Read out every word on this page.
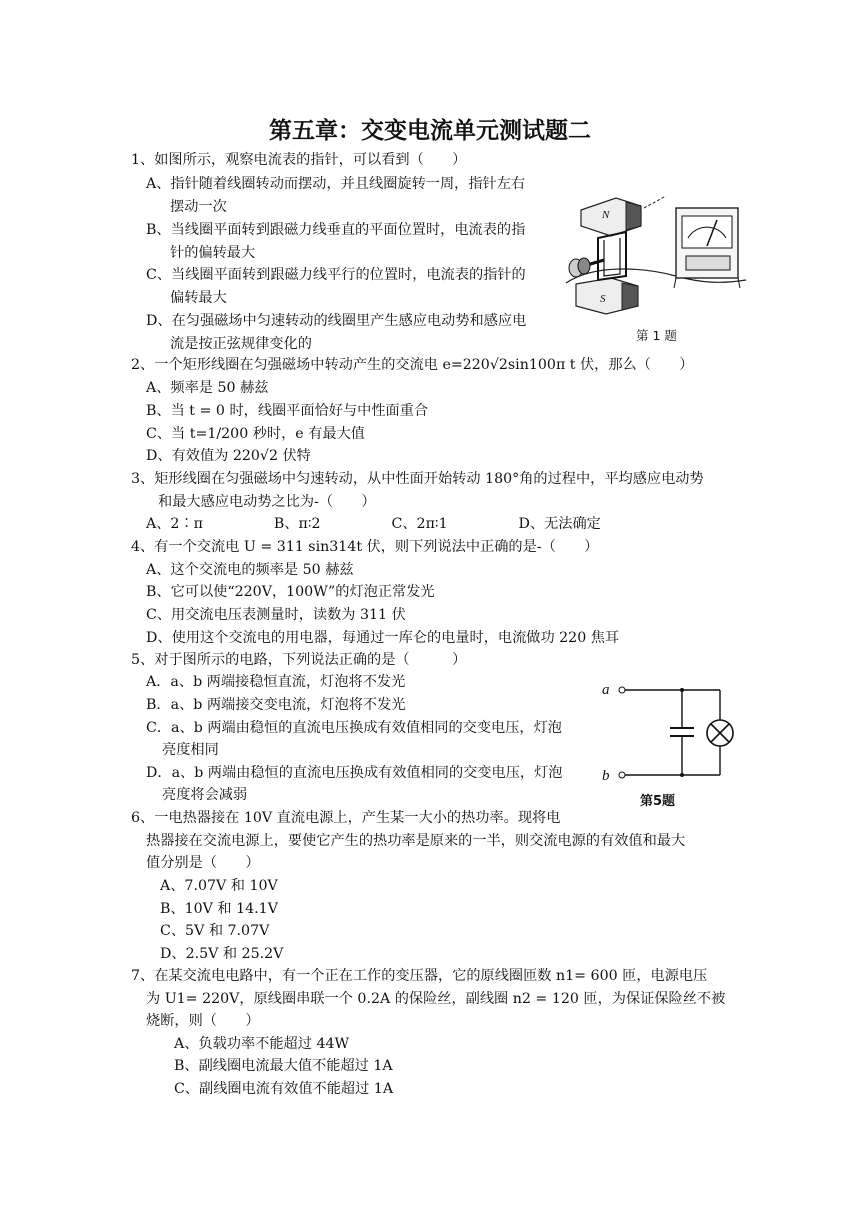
第五章：交变电流单元测试题二
1、如图所示，观察电流表的指针，可以看到（　　）
A、指针随着线圈转动而摆动，并且线圈旋转一周，指针左右
摆动一次
B、当线圈平面转到跟磁力线垂直的平面位置时，电流表的指
针的偏转最大
C、当线圈平面转到跟磁力线平行的位置时，电流表的指针的
偏转最大
D、在匀强磁场中匀速转动的线圈里产生感应电动势和感应电
流是按正弦规律变化的
2、一个矩形线圈在匀强磁场中转动产生的交流电 e=220√2sin100π t 伏，那么（　　）
A、频率是 50 赫兹
B、当 t = 0 时，线圈平面恰好与中性面重合
C、当 t=1/200 秒时，e 有最大值
D、有效值为 220√2 伏特
3、矩形线圈在匀强磁场中匀速转动，从中性面开始转动 180°角的过程中，平均感应电动势
和最大感应电动势之比为-（　　）
A、2∶π　　　　　B、π∶2　　　　　C、2π∶1　　　　　D、无法确定
4、有一个交流电 U = 311 sin314t 伏，则下列说法中正确的是-（　　）
A、这个交流电的频率是 50 赫兹
B、它可以使“220V，100W”的灯泡正常发光
C、用交流电压表测量时，读数为 311 伏
D、使用这个交流电的用电器，每通过一库仑的电量时，电流做功 220 焦耳
5、对于图所示的电路，下列说法正确的是（　　　）
A．a、b 两端接稳恒直流，灯泡将不发光
B．a、b 两端接交变电流，灯泡将不发光
C．a、b 两端由稳恒的直流电压换成有效值相同的交变电压，灯泡
亮度相同
D．a、b 两端由稳恒的直流电压换成有效值相同的交变电压，灯泡
亮度将会减弱
6、一电热器接在 10V 直流电源上，产生某一大小的热功率。现将电
热器接在交流电源上，要使它产生的热功率是原来的一半，则交流电源的有效值和最大
值分别是（　　）
A、7.07V 和 10V
B、10V 和 14.1V
C、5V 和 7.07V
D、2.5V 和 25.2V
7、在某交流电电路中，有一个正在工作的变压器，它的原线圈匝数 n1= 600 匝，电源电压
为 U1= 220V，原线圈串联一个 0.2A 的保险丝，副线圈 n2 = 120 匝，为保证保险丝不被
烧断，则（　　）
A、负载功率不能超过 44W
B、副线圈电流最大值不能超过 1A
C、副线圈电流有效值不能超过 1A
N
S
第 1 题
a
b
第5题
